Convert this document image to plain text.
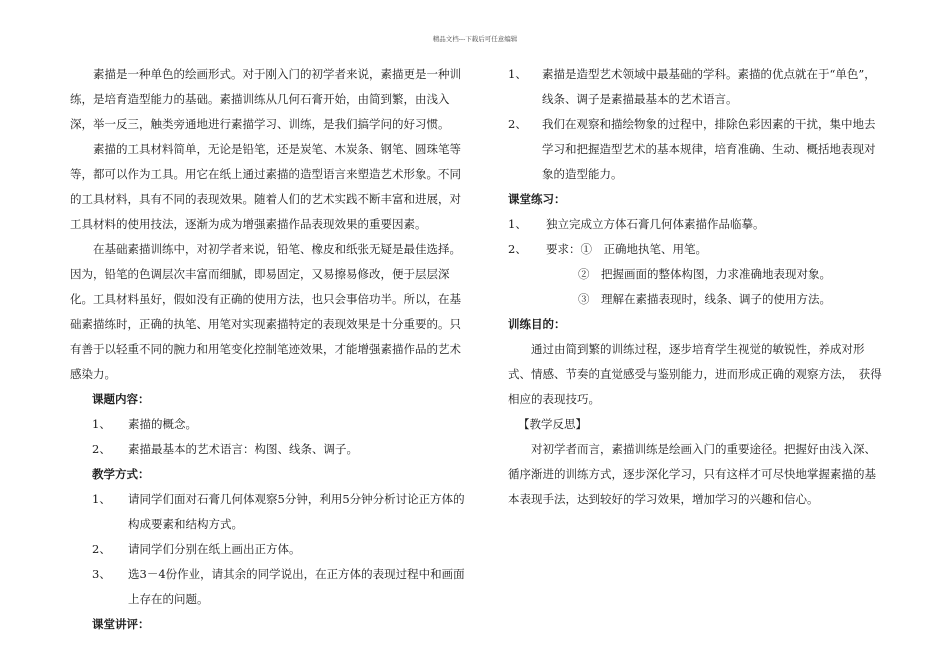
精品文档---下载后可任意编辑

素描是一种单色的绘画形式。对于刚入门的初学者来说，素描更是一种训练，是培育造型能力的基础。素描训练从几何石膏开始，由简到繁，由浅入深，举一反三，触类旁通地进行素描学习、训练，是我们搞学问的好习惯。

素描的工具材料简单，无论是铅笔，还是炭笔、木炭条、钢笔、圆珠笔等等，都可以作为工具。用它在纸上通过素描的造型语言来塑造艺术形象。不同的工具材料，具有不同的表现效果。随着人们的艺术实践不断丰富和进展，对工具材料的使用技法，逐渐为成为增强素描作品表现效果的重要因素。

在基础素描训练中，对初学者来说，铅笔、橡皮和纸张无疑是最佳选择。因为，铅笔的色调层次丰富而细腻，即易固定，又易擦易修改，便于层层深化。工具材料虽好，假如没有正确的使用方法，也只会事倍功半。所以，在基础素描练时，正确的执笔、用笔对实现素描特定的表现效果是十分重要的。只有善于以轻重不同的腕力和用笔变化控制笔迹效果，才能增强素描作品的艺术感染力。

课题内容：

1、	素描的概念。
2、	素描最基本的艺术语言：构图、线条、调子。

教学方式：

1、	请同学们面对石膏几何体观察5分钟，利用5分钟分析讨论正方体的构成要素和结构方式。
2、	请同学们分别在纸上画出正方体。
3、	选3－4份作业，请其余的同学说出，在正方体的表现过程中和画面上存在的问题。

课堂讲评：

1、	素描是造型艺术领域中最基础的学科。素描的优点就在于“单色”，线条、调子是素描最基本的艺术语言。
2、	我们在观察和描绘物象的过程中，排除色彩因素的干扰，集中地去学习和把握造型艺术的基本规律，培育准确、生动、概括地表现对象的造型能力。

课堂练习：

1、	独立完成立方体石膏几何体素描作品临摹。
2、	要求： ①　正确地执笔、用笔。

②　把握画面的整体构图，力求准确地表现对象。

③　理解在素描表现时，线条、调子的使用方法。

训练目的：

通过由简到繁的训练过程，逐步培育学生视觉的敏锐性，养成对形式、情感、节奏的直觉感受与鉴别能力，进而形成正确的观察方法，　获得相应的表现技巧。

【教学反思】

对初学者而言，素描训练是绘画入门的重要途径。把握好由浅入深、循序渐进的训练方式，逐步深化学习，只有这样才可尽快地掌握素描的基本表现手法，达到较好的学习效果，增加学习的兴趣和信心。
